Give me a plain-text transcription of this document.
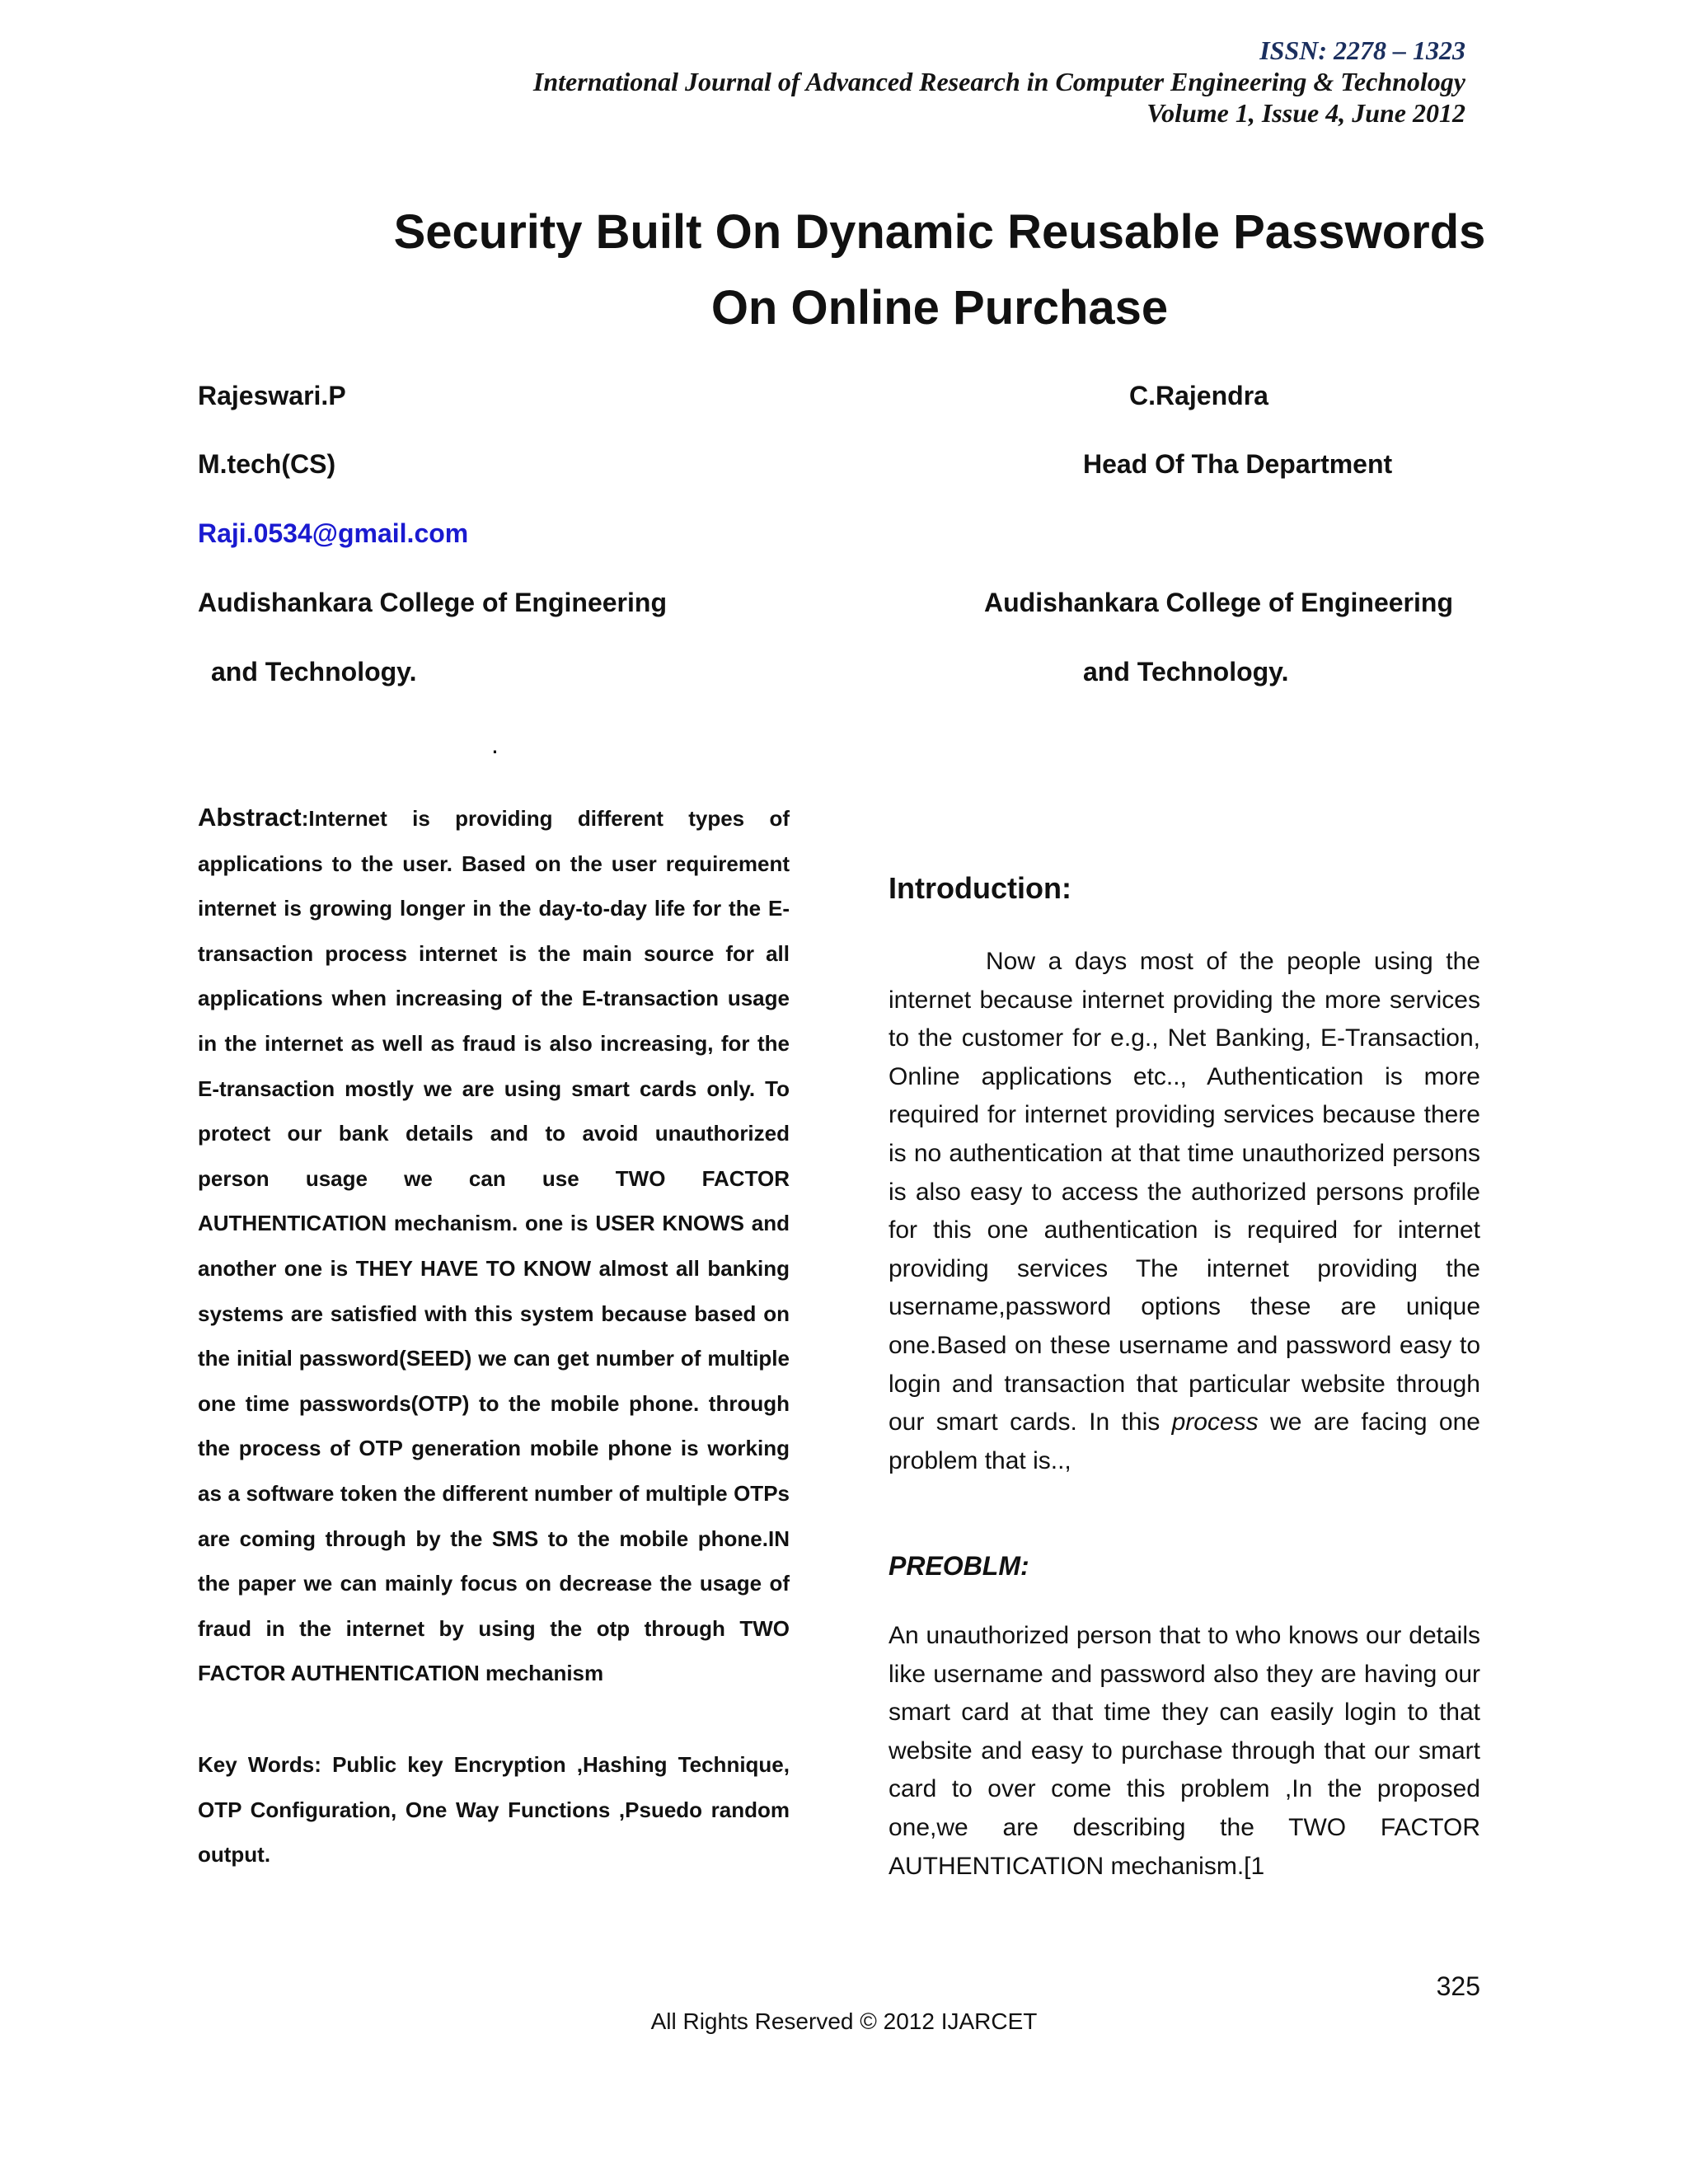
ISSN: 2278 – 1323
International Journal of Advanced Research in Computer Engineering & Technology
Volume 1, Issue 4, June 2012
Security Built On Dynamic Reusable Passwords
On Online Purchase
Rajeswari.P
M.tech(CS)
Raji.0534@gmail.com
Audishankara College of Engineering
and Technology.
C.Rajendra
Head Of Tha Department
Audishankara College of Engineering
and Technology.
.
Abstract:Internet is providing different types of applications to the user. Based on the user requirement internet is growing longer in the day-to-day life for the E-transaction process internet is the main source for all applications when increasing of the E-transaction usage in the internet as well as fraud is also increasing, for the E-transaction mostly we are using smart cards only. To protect our bank details and to avoid unauthorized person usage we can use TWO FACTOR AUTHENTICATION mechanism. one is USER KNOWS and another one is THEY HAVE TO KNOW almost all banking systems are satisfied with this system because based on the initial password(SEED) we can get number of multiple one time passwords(OTP) to the mobile phone. through the process of OTP generation mobile phone is working as a software token the different number of multiple OTPs are coming through by the SMS to the mobile phone.IN the paper we can mainly focus on decrease the usage of fraud in the internet by using the otp through TWO FACTOR AUTHENTICATION mechanism
Key Words: Public key Encryption ,Hashing Technique, OTP Configuration, One Way Functions ,Psuedo random output.
Introduction:

Now a days most of the people using the internet because internet providing the more services to the customer for e.g., Net Banking, E-Transaction, Online applications etc.., Authentication is more required for internet providing services because there is no authentication at that time unauthorized persons is also easy to access the authorized persons profile for this one authentication is required for internet providing services The internet providing the username,password options these are unique one.Based on these username and password easy to login and transaction that particular website through our smart cards. In this process we are facing one problem that is..,

PREOBLM:

An unauthorized person that to who knows our details like username and password also they are having our smart card at that time they can easily login to that website and easy to purchase through that our smart card to over come this problem ,In the proposed one,we are describing the TWO FACTOR AUTHENTICATION mechanism.[1

325
All Rights Reserved © 2012 IJARCET
